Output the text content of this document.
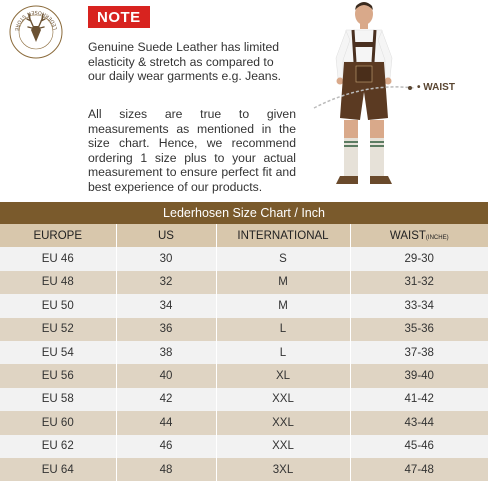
LEDERHOSEN STORE
NOTE
Genuine Suede Leather has limited
elasticity & stretch as compared to
our daily wear garments e.g. Jeans.
All sizes are true to given
measurements as mentioned in the
size chart. Hence, we recommend
ordering 1 size plus to your actual
measurement to ensure perfect fit and
best experience of our products.
• WAIST
Lederhosen Size Chart / Inch
EUROPE	US	INTERNATIONAL	WAIST(INCHE)
EU 46	30	S	29-30
EU 48	32	M	31-32
EU 50	34	M	33-34
EU 52	36	L	35-36
EU 54	38	L	37-38
EU 56	40	XL	39-40
EU 58	42	XXL	41-42
EU 60	44	XXL	43-44
EU 62	46	XXL	45-46
EU 64	48	3XL	47-48
